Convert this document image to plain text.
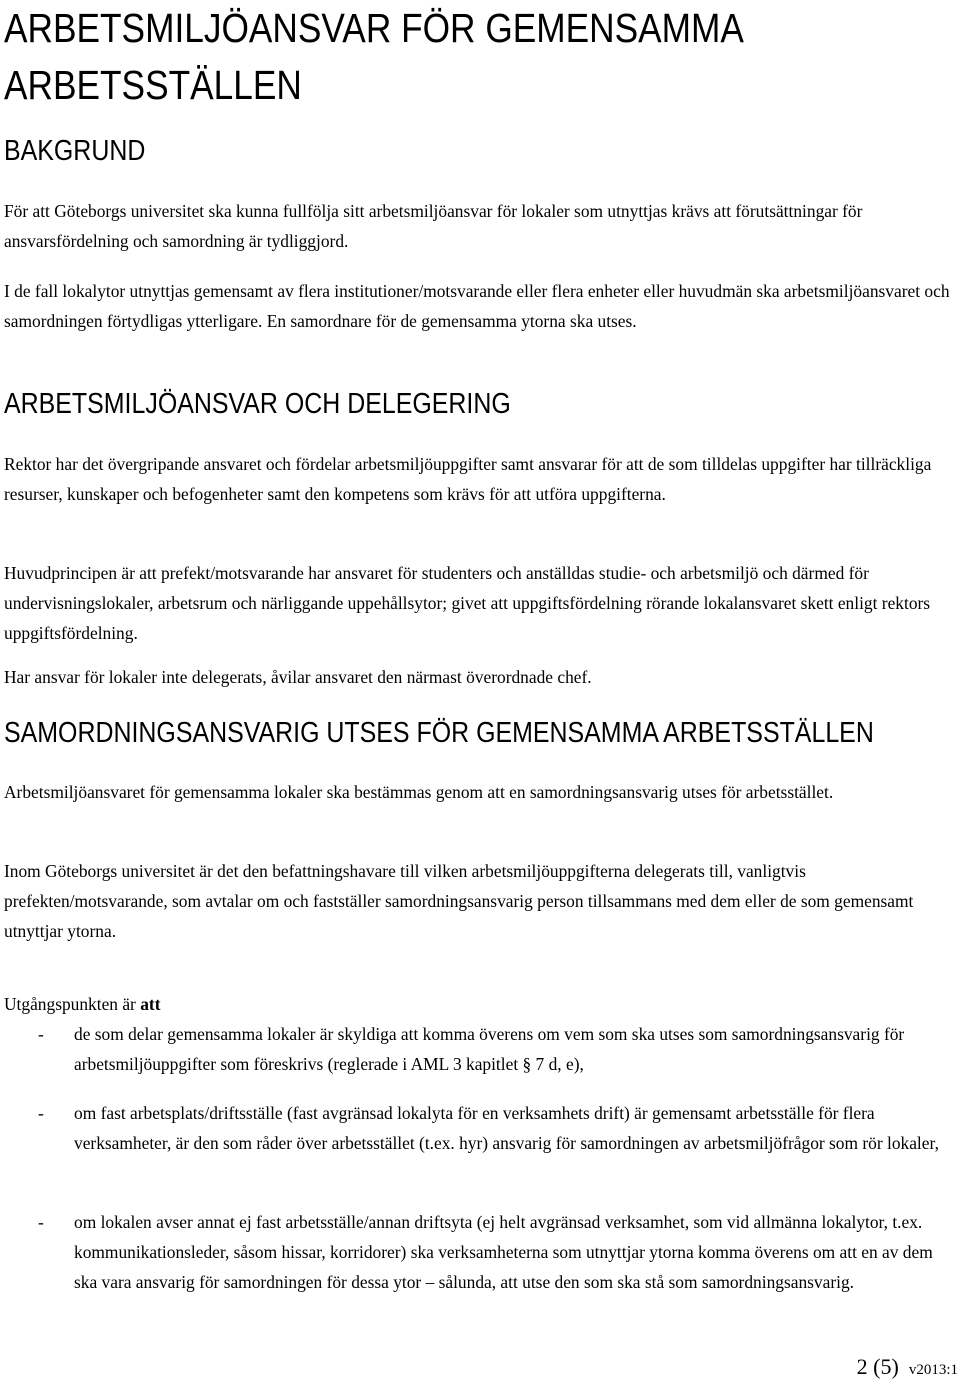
ARBETSMILJÖANSVAR FÖR GEMENSAMMA ARBETSSTÄLLEN
BAKGRUND

För att Göteborgs universitet ska kunna fullfölja sitt arbetsmiljöansvar för lokaler som utnyttjas krävs att förutsättningar för ansvarsfördelning och samordning är tydliggjord.

I de fall lokalytor utnyttjas gemensamt av flera institutioner/motsvarande eller flera enheter eller huvudmän ska arbetsmiljöansvaret och samordningen förtydligas ytterligare. En samordnare för de gemensamma ytorna ska utses.

ARBETSMILJÖANSVAR OCH DELEGERING

Rektor har det övergripande ansvaret och fördelar arbetsmiljöuppgifter samt ansvarar för att de som tilldelas uppgifter har tillräckliga resurser, kunskaper och befogenheter samt den kompetens som krävs för att utföra uppgifterna.

Huvudprincipen är att prefekt/motsvarande har ansvaret för studenters och anställdas studie- och arbetsmiljö och därmed för undervisningslokaler, arbetsrum och närliggande uppehållsytor; givet att uppgiftsfördelning rörande lokalansvaret skett enligt rektors uppgiftsfördelning.

Har ansvar för lokaler inte delegerats, åvilar ansvaret den närmast överordnade chef.

SAMORDNINGSANSVARIG UTSES FÖR GEMENSAMMA ARBETSSTÄLLEN

Arbetsmiljöansvaret för gemensamma lokaler ska bestämmas genom att en samordningsansvarig utses för arbetsstället.

Inom Göteborgs universitet är det den befattningshavare till vilken arbetsmiljöuppgifterna delegerats till, vanligtvis prefekten/motsvarande, som avtalar om och fastställer samordningsansvarig person tillsammans med dem eller de som gemensamt utnyttjar ytorna.

Utgångspunkten är att

- de som delar gemensamma lokaler är skyldiga att komma överens om vem som ska utses som samordningsansvarig för arbetsmiljöuppgifter som föreskrivs (reglerade i AML 3 kapitlet § 7 d, e),
- om fast arbetsplats/driftsställe (fast avgränsad lokalyta för en verksamhets drift) är gemensamt arbetsställe för flera verksamheter, är den som råder över arbetsstället (t.ex. hyr) ansvarig för samordningen av arbetsmiljöfrågor som rör lokaler,
- om lokalen avser annat ej fast arbetsställe/annan driftsyta (ej helt avgränsad verksamhet, som vid allmänna lokalytor, t.ex. kommunikationsleder, såsom hissar, korridorer) ska verksamheterna som utnyttjar ytorna komma överens om att en av dem ska vara ansvarig för samordningen för dessa ytor – sålunda, att utse den som ska stå som samordningsansvarig.
2 (5) v2013:1
